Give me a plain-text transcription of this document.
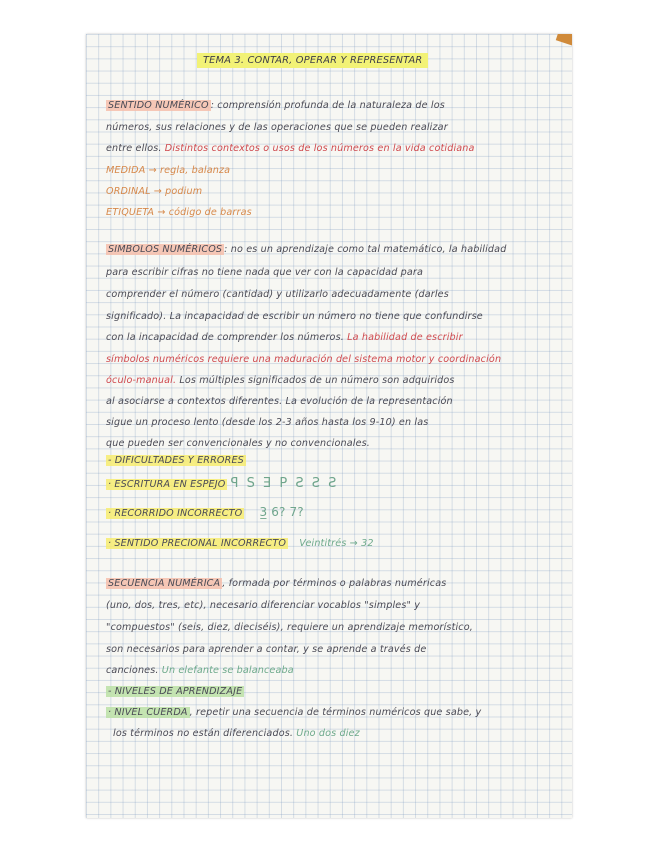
TEMA 3. CONTAR, OPERAR Y REPRESENTAR
SENTIDO NUMÉRICO : comprensión profunda de la naturaleza de los
números, sus relaciones y de las operaciones que se pueden realizar
entre ellos. Distintos contextos o usos de los números en la vida cotidiana
MEDIDA → regla, balanza
ORDINAL → podium
ETIQUETA → código de barras
SIMBOLOS NUMÉRICOS : no es un aprendizaje como tal matemático, la habilidad
para escribir cifras no tiene nada que ver con la capacidad para
comprender el número (cantidad) y utilizarlo adecuadamente (darles
significado). La incapacidad de escribir un número no tiene que confundirse
con la incapacidad de comprender los números. La habilidad de escribir
símbolos numéricos requiere una maduración del sistema motor y coordinación
óculo-manual. Los múltiples significados de un número son adquiridos
al asociarse a contextos diferentes. La evolución de la representación
sigue un proceso lento (desde los 2-3 años hasta los 9-10) en las
que pueden ser convencionales y no convencionales.
- DIFICULTADES Y ERRORES
· ESCRITURA EN ESPEJO ꟼ S Ǝ P Ƨ Ƨ Ƨ
· RECORRIDO INCORRECTO 3̲ 6? 7?
· SENTIDO PRECIONAL INCORRECTO Veintitrés → 32
SECUENCIA NUMÉRICA , formada por términos o palabras numéricas
(uno, dos, tres, etc), necesario diferenciar vocablos "simples" y
"compuestos" (seis, diez, dieciséis), requiere un aprendizaje memorístico,
son necesarios para aprender a contar, y se aprende a través de
canciones. Un elefante se balanceaba
- NIVELES DE APRENDIZAJE
· NIVEL CUERDA , repetir una secuencia de términos numéricos que sabe, y
los términos no están diferenciados. Uno dos diez
